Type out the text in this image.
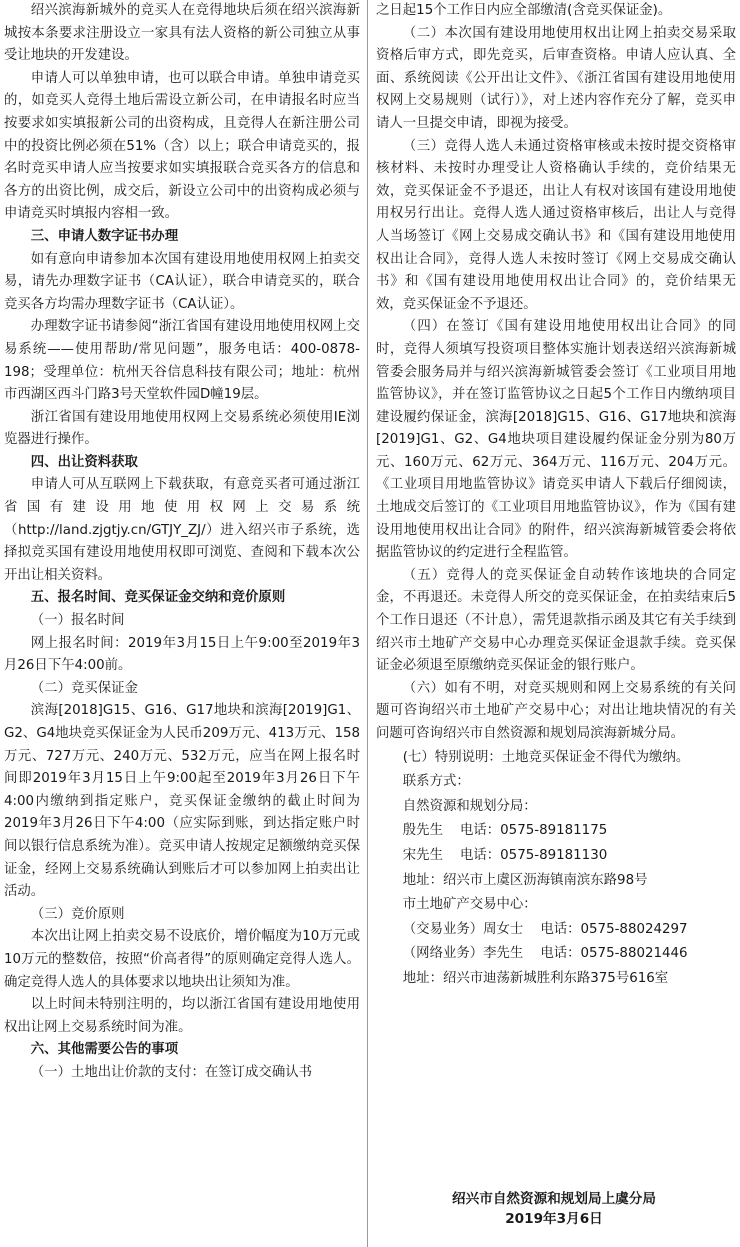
绍兴滨海新城外的竞买人在竞得地块后须在绍兴滨海新城按本条要求注册设立一家具有法人资格的新公司独立从事受让地块的开发建设。

申请人可以单独申请，也可以联合申请。单独申请竞买的，如竞买人竞得土地后需设立新公司，在申请报名时应当按要求如实填报新公司的出资构成，且竞得人在新注册公司中的投资比例必须在51%（含）以上；联合申请竞买的，报名时竞买申请人应当按要求如实填报联合竞买各方的信息和各方的出资比例，成交后，新设立公司中的出资构成必须与申请竞买时填报内容相一致。

三、申请人数字证书办理

如有意向申请参加本次国有建设用地使用权网上拍卖交易，请先办理数字证书（CA认证），联合申请竞买的，联合竞买各方均需办理数字证书（CA认证）。

办理数字证书请参阅“浙江省国有建设用地使用权网上交易系统——使用帮助/常见问题”，服务电话：400-0878-198；受理单位：杭州天谷信息科技有限公司；地址：杭州市西湖区西斗门路3号天堂软件园D幢19层。

浙江省国有建设用地使用权网上交易系统必须使用IE浏览器进行操作。

四、出让资料获取

申请人可从互联网上下载获取，有意竞买者可通过浙江省国有建设用地使用权网上交易系统（http://land.zjgtjy.cn/GTJY_ZJ/）进入绍兴市子系统，选择拟竞买国有建设用地使用权即可浏览、查阅和下载本次公开出让相关资料。

五、报名时间、竞买保证金交纳和竞价原则

（一）报名时间

网上报名时间：2019年3月15日上午9:00至2019年3月26日下午4:00前。

（二）竞买保证金

滨海[2018]G15、G16、G17地块和滨海[2019]G1、G2、G4地块竞买保证金为人民币209万元、413万元、158万元、727万元、240万元、532万元，应当在网上报名时间即2019年3月15日上午9:00起至2019年3月26日下午4:00内缴纳到指定账户，竞买保证金缴纳的截止时间为2019年3月26日下午4:00（应实际到账，到达指定账户时间以银行信息系统为准）。竞买申请人按规定足额缴纳竞买保证金，经网上交易系统确认到账后才可以参加网上拍卖出让活动。

（三）竞价原则

本次出让网上拍卖交易不设底价，增价幅度为10万元或10万元的整数倍，按照“价高者得”的原则确定竞得人选人。确定竞得人选人的具体要求以地块出让须知为准。

以上时间未特别注明的，均以浙江省国有建设用地使用权出让网上交易系统时间为准。

六、其他需要公告的事项

（一）土地出让价款的支付：在签订成交确认书

之日起15个工作日内应全部缴清(含竞买保证金)。

（二）本次国有建设用地使用权出让网上拍卖交易采取资格后审方式，即先竞买，后审查资格。申请人应认真、全面、系统阅读《公开出让文件》、《浙江省国有建设用地使用权网上交易规则（试行）》，对上述内容作充分了解，竞买申请人一旦提交申请，即视为接受。

（三）竞得人选人未通过资格审核或未按时提交资格审核材料、未按时办理受让人资格确认手续的，竞价结果无效，竞买保证金不予退还，出让人有权对该国有建设用地使用权另行出让。竞得人选人通过资格审核后，出让人与竞得人当场签订《网上交易成交确认书》和《国有建设用地使用权出让合同》，竞得人选人未按时签订《网上交易成交确认书》和《国有建设用地使用权出让合同》的，竞价结果无效，竞买保证金不予退还。

（四）在签订《国有建设用地使用权出让合同》的同时，竞得人须填写投资项目整体实施计划表送绍兴滨海新城管委会服务局并与绍兴滨海新城管委会签订《工业项目用地监管协议》，并在签订监管协议之日起5个工作日内缴纳项目建设履约保证金，滨海[2018]G15、G16、G17地块和滨海[2019]G1、G2、G4地块项目建设履约保证金分别为80万元、160万元、62万元、364万元、116万元、204万元。《工业项目用地监管协议》请竞买申请人下载后仔细阅读，土地成交后签订的《工业项目用地监管协议》，作为《国有建设用地使用权出让合同》的附件，绍兴滨海新城管委会将依据监管协议的约定进行全程监管。

（五）竞得人的竞买保证金自动转作该地块的合同定金，不再退还。未竞得人所交的竞买保证金，在拍卖结束后5个工作日退还（不计息），需凭退款指示函及其它有关手续到绍兴市土地矿产交易中心办理竞买保证金退款手续。竞买保证金必须退至原缴纳竞买保证金的银行账户。

（六）如有不明，对竞买规则和网上交易系统的有关问题可咨询绍兴市土地矿产交易中心；对出让地块情况的有关问题可咨询绍兴市自然资源和规划局滨海新城分局。

(七）特别说明：土地竞买保证金不得代为缴纳。

联系方式：

自然资源和规划分局：

殷先生    电话：0575-89181175

宋先生    电话：0575-89181130

地址：绍兴市上虞区沥海镇南滨东路98号

市土地矿产交易中心：

（交易业务）周女士    电话：0575-88024297

（网络业务）李先生    电话：0575-88021446

地址：绍兴市迪荡新城胜利东路375号616室

绍兴市自然资源和规划局上虞分局
2019年3月6日
